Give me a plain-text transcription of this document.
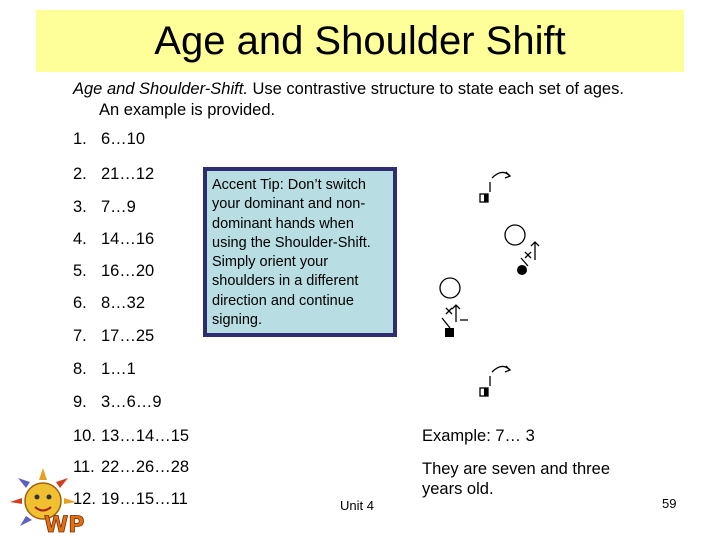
Age and Shoulder Shift
Age and Shoulder-Shift. Use contrastive structure to state each set of ages.
An example is provided.
1. 6…10
2. 21…12
3. 7…9
4. 14…16
5. 16…20
6. 8…32
7. 17…25
8. 1…1
9. 3…6…9
10. 13…14…15
11. 22…26…28
12. 19…15…11
Accent Tip: Don’t switch your dominant and non-dominant hands when using the Shoulder-Shift. Simply orient your shoulders in a different direction and continue signing.
Example: 7… 3
They are seven and three years old.
WP
Unit 4	59
